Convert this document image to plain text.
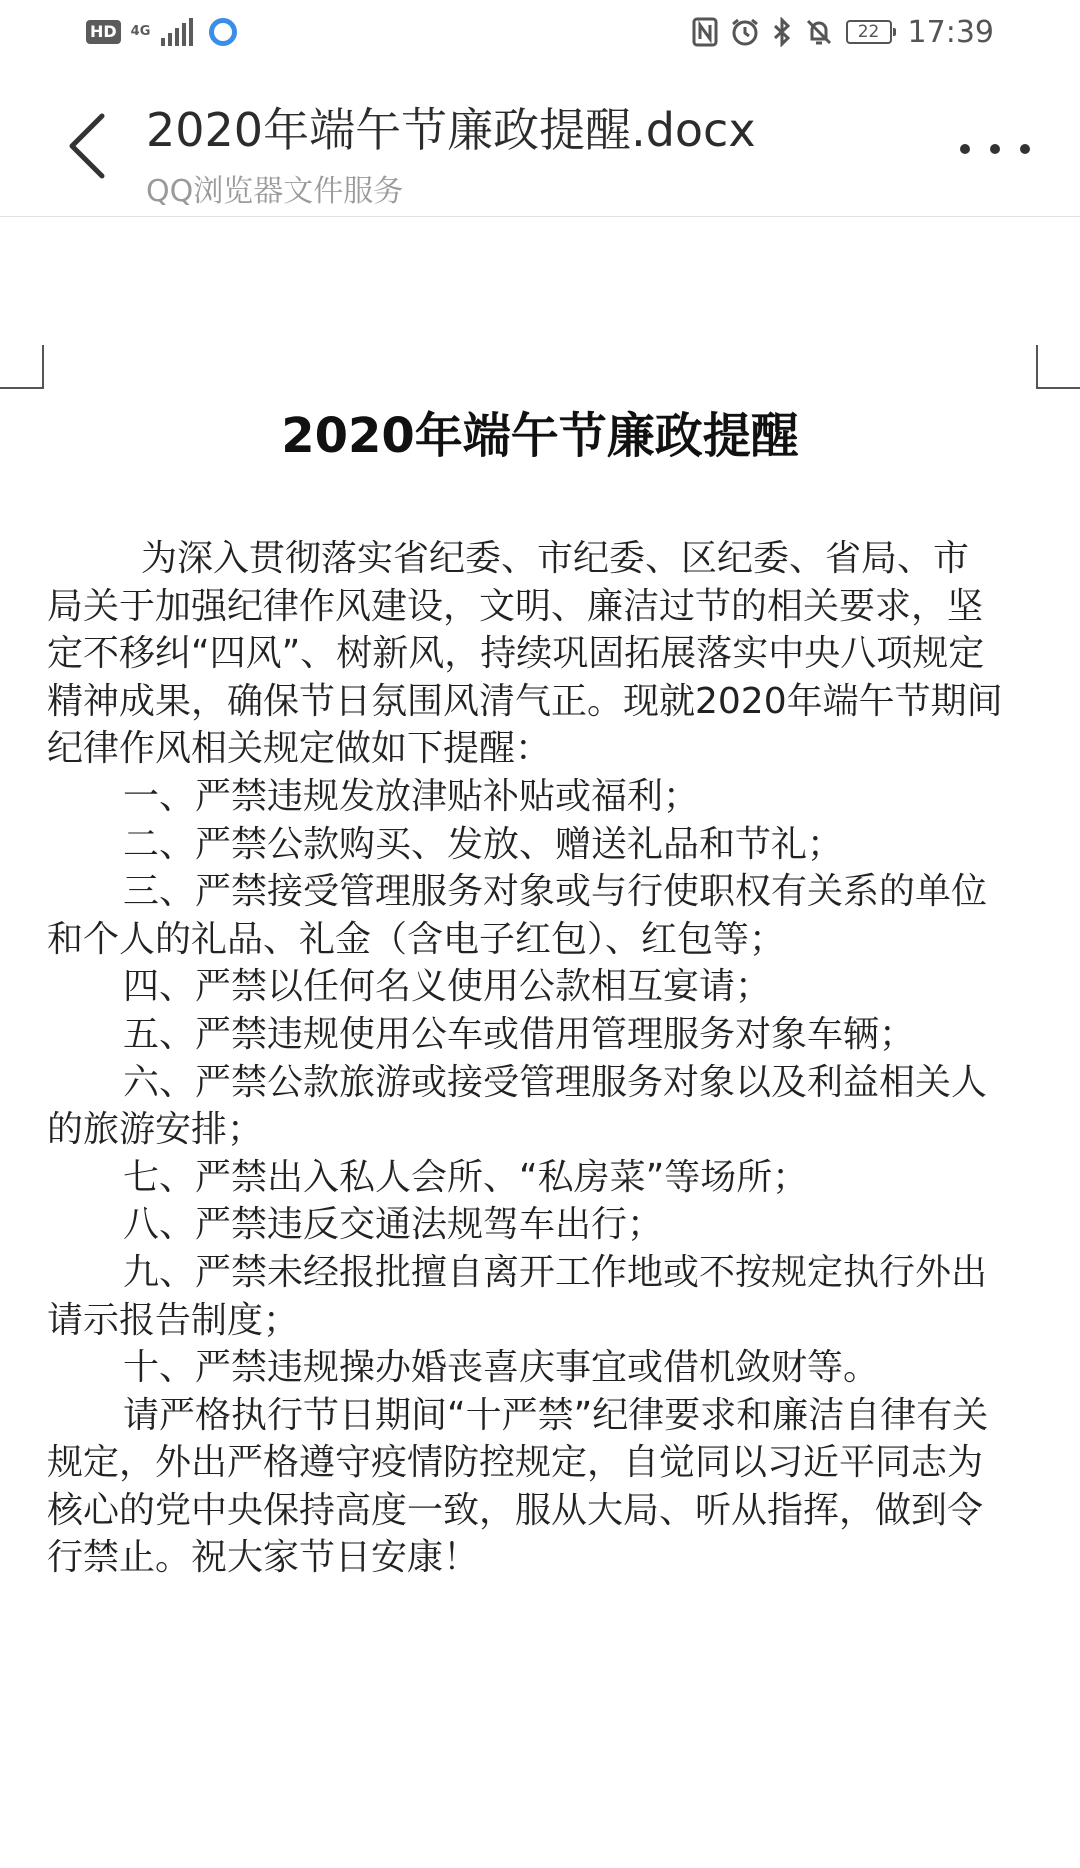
HD	4G	22 17:39
2020年端午节廉政提醒.docx
QQ浏览器文件服务
2020年端午节廉政提醒
为深入贯彻落实省纪委、市纪委、区纪委、省局、市
局关于加强纪律作风建设，文明、廉洁过节的相关要求，坚
定不移纠“四风”、树新风，持续巩固拓展落实中央八项规定
精神成果，确保节日氛围风清气正。现就2020年端午节期间
纪律作风相关规定做如下提醒：
一、严禁违规发放津贴补贴或福利；
二、严禁公款购买、发放、赠送礼品和节礼；
三、严禁接受管理服务对象或与行使职权有关系的单位
和个人的礼品、礼金（含电子红包）、红包等；
四、严禁以任何名义使用公款相互宴请；
五、严禁违规使用公车或借用管理服务对象车辆；
六、严禁公款旅游或接受管理服务对象以及利益相关人
的旅游安排；
七、严禁出入私人会所、“私房菜”等场所；
八、严禁违反交通法规驾车出行；
九、严禁未经报批擅自离开工作地或不按规定执行外出
请示报告制度；
十、严禁违规操办婚丧喜庆事宜或借机敛财等。
请严格执行节日期间“十严禁”纪律要求和廉洁自律有关
规定，外出严格遵守疫情防控规定，自觉同以习近平同志为
核心的党中央保持高度一致，服从大局、听从指挥，做到令
行禁止。祝大家节日安康！
